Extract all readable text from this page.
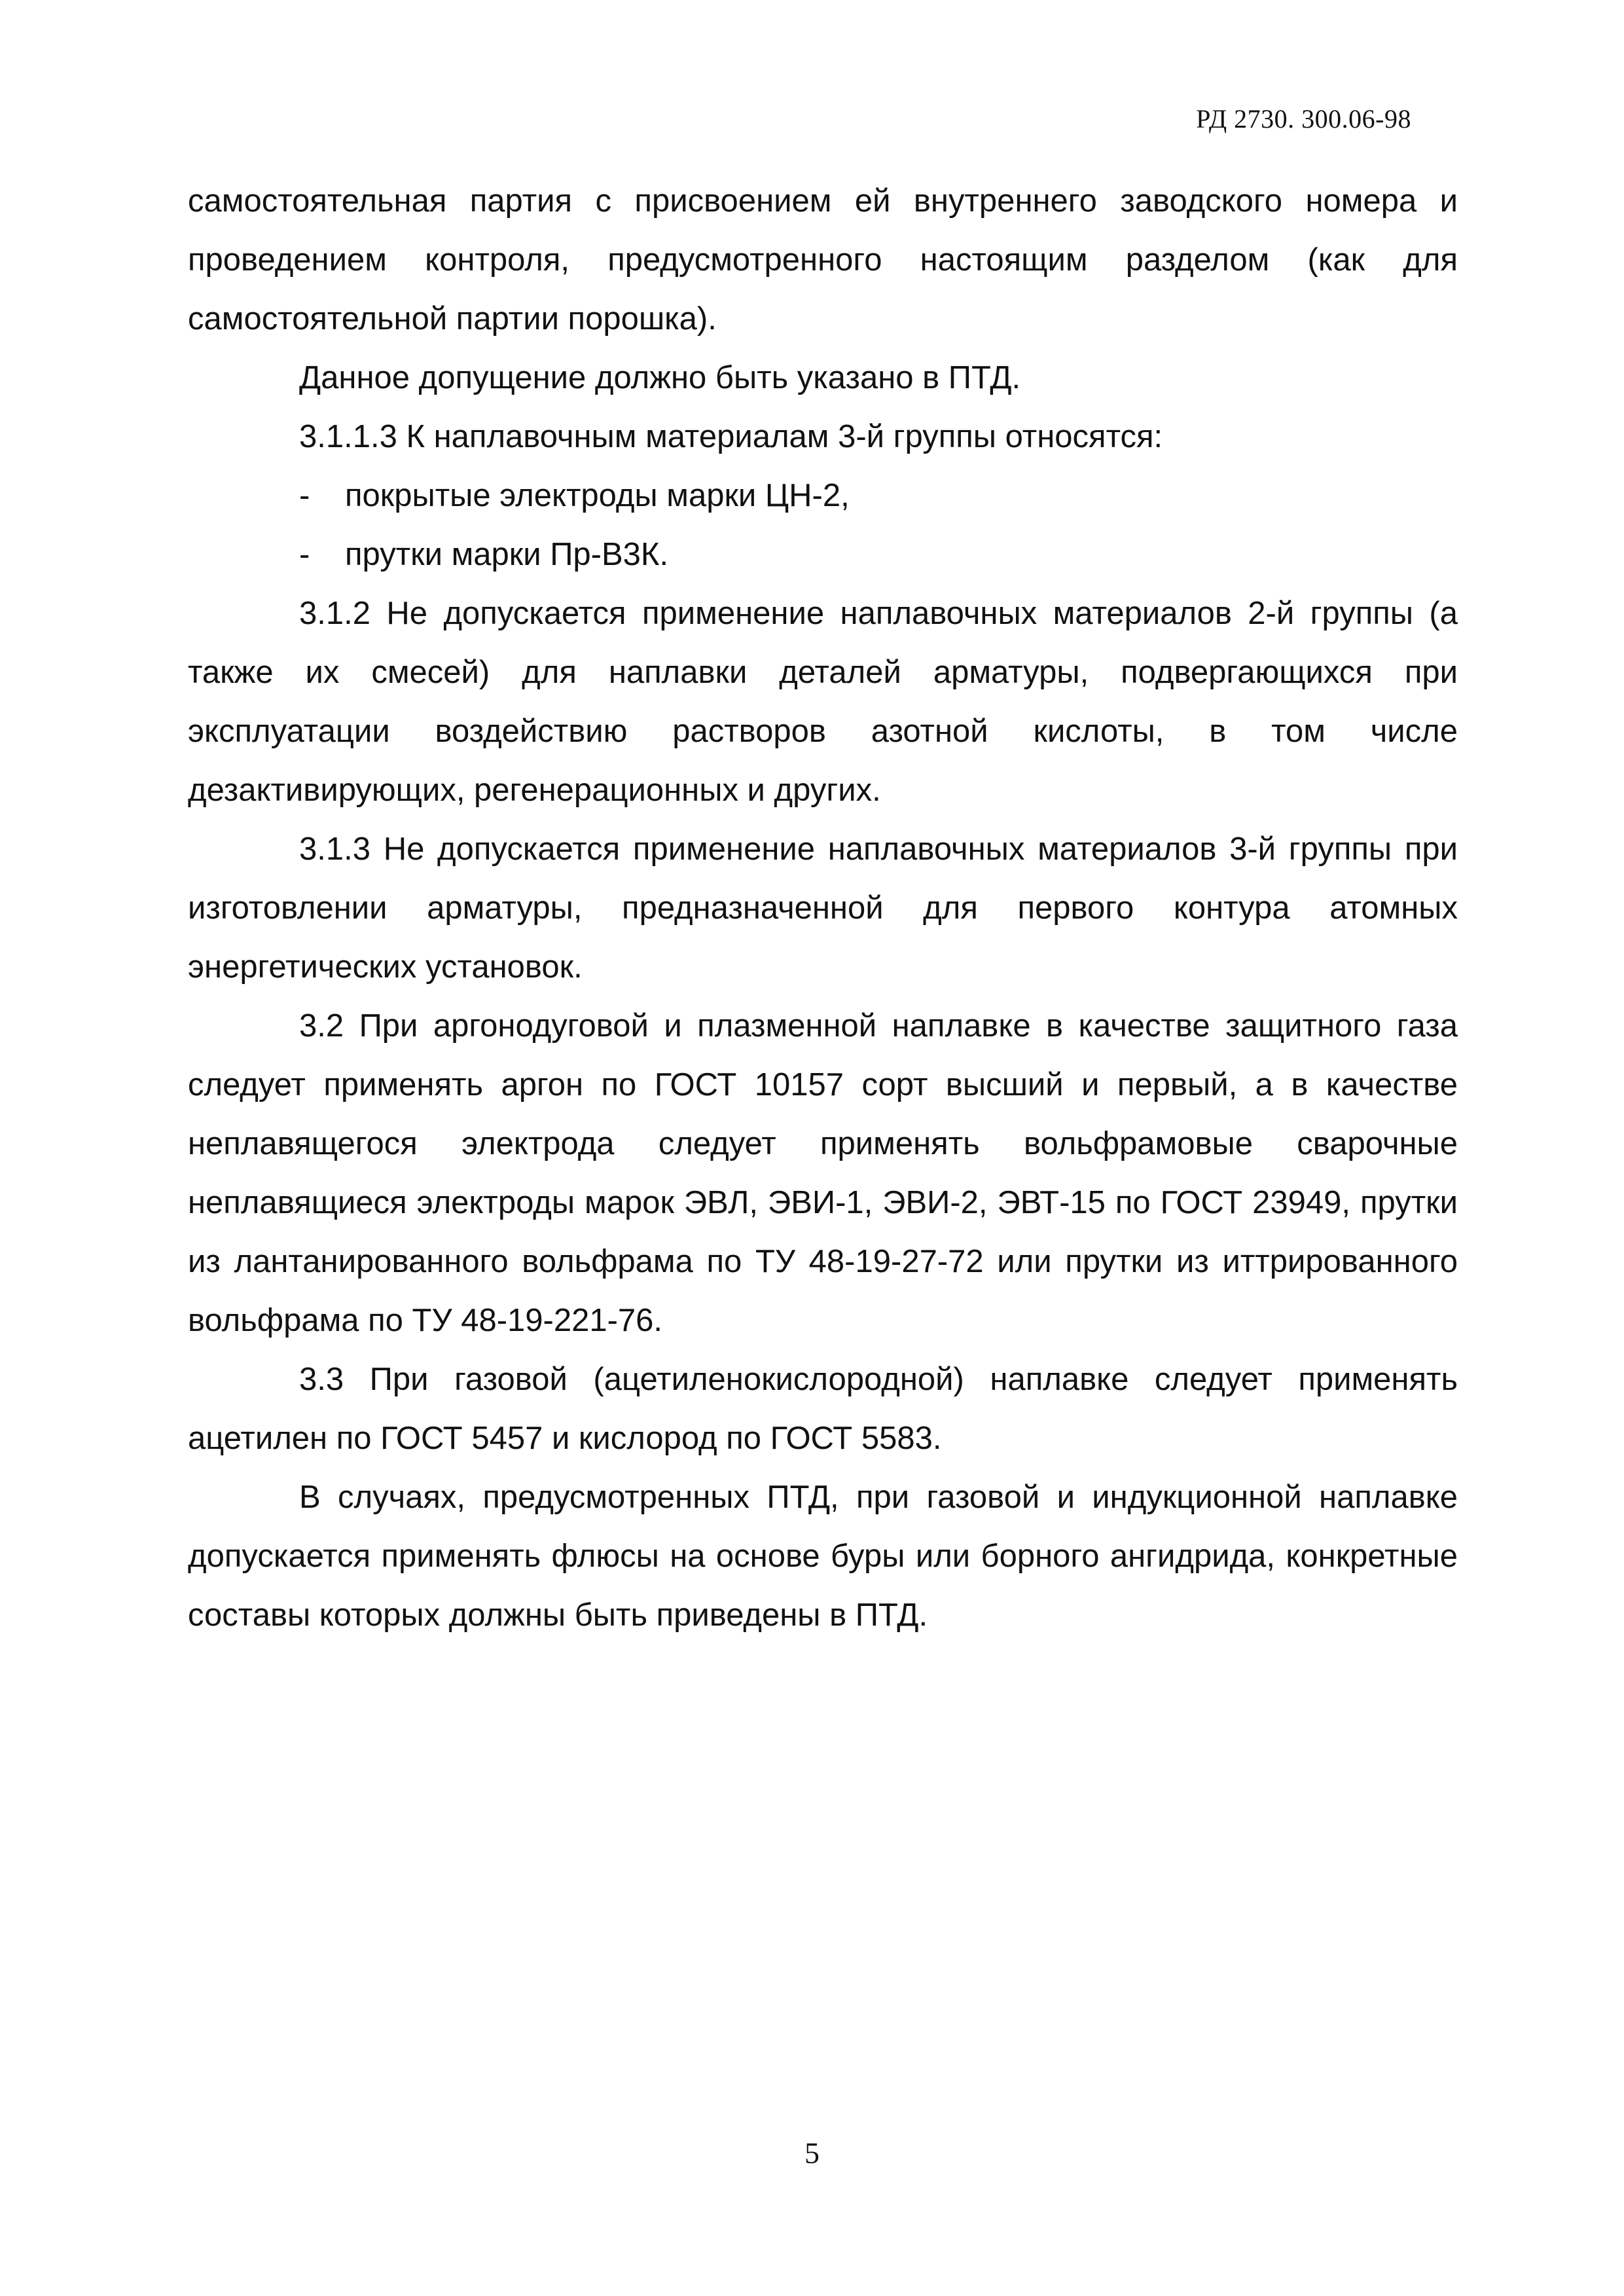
РД 2730. 300.06-98

самостоятельная партия с присвоением ей внутреннего заводского номера и проведением контроля, предусмотренного настоящим разделом (как для самостоятельной партии порошка).

Данное допущение должно быть указано в ПТД.

3.1.1.3 К наплавочным материалам 3-й группы относятся:

- покрытые электроды марки ЦН-2,
- прутки марки Пр-В3К.

3.1.2 Не допускается применение наплавочных материалов 2-й группы (а также их смесей) для наплавки деталей арматуры, подвергающихся при эксплуатации воздействию растворов азотной кислоты, в том числе дезактивирующих, регенерационных и других.

3.1.3 Не допускается применение наплавочных материалов 3-й группы при изготовлении арматуры, предназначенной для первого контура атомных энергетических установок.

3.2 При аргонодуговой и плазменной наплавке в качестве защитного газа следует применять аргон по ГОСТ 10157 сорт высший и первый, а в качестве неплавящегося электрода следует применять вольфрамовые сварочные неплавящиеся электроды марок ЭВЛ, ЭВИ-1, ЭВИ-2, ЭВТ-15 по ГОСТ 23949, прутки из лантанированного вольфрама по ТУ 48-19-27-72 или прутки из иттрированного вольфрама по ТУ 48-19-221-76.

3.3 При газовой (ацетиленокислородной) наплавке следует применять ацетилен по ГОСТ 5457 и кислород по ГОСТ 5583.

В случаях, предусмотренных ПТД, при газовой и индукционной наплавке допускается применять флюсы на основе буры или борного ангидрида, конкретные составы которых должны быть приведены в ПТД.

5
